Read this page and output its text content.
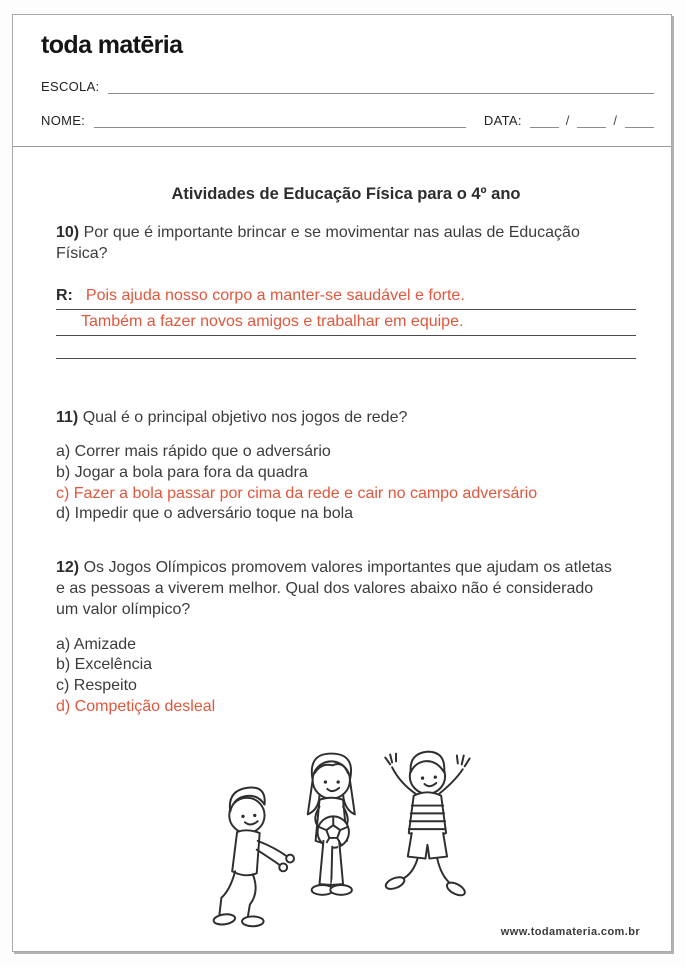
toda matēria
ESCOLA:
NOME:	DATA:	/	/
Atividades de Educação Física para o 4º ano

10) Por que é importante brincar e se movimentar nas aulas de Educação Física?

R: Pois ajuda nosso corpo a manter-se saudável e forte.
Também a fazer novos amigos e trabalhar em equipe.

11) Qual é o principal objetivo nos jogos de rede?

a) Correr mais rápido que o adversário
b) Jogar a bola para fora da quadra
c) Fazer a bola passar por cima da rede e cair no campo adversário
d) Impedir que o adversário toque na bola

12) Os Jogos Olímpicos promovem valores importantes que ajudam os atletas e as pessoas a viverem melhor. Qual dos valores abaixo não é considerado um valor olímpico?

a) Amizade
b) Excelência
c) Respeito
d) Competição desleal
www.todamateria.com.br
